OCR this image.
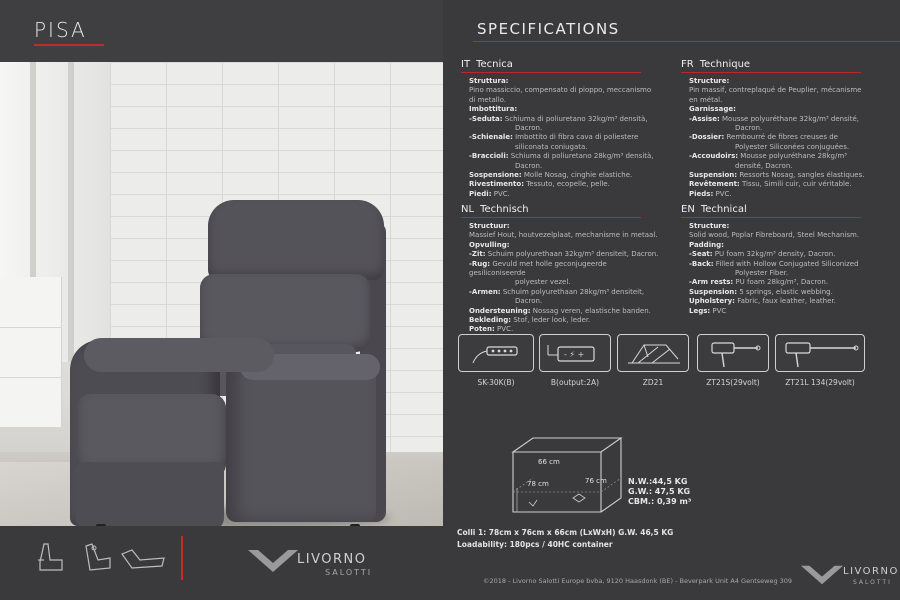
PISA
LIVORNO
SALOTTI
SPECIFICATIONS
IT Tecnica
Struttura:
Pino massiccio, compensato di pioppo, meccanismo
di metallo.
Imbottitura:
-Seduta: Schiuma di poliuretano 32kg/m³ densità,
Dacron.
-Schienale: Imbottito di fibra cava di poliestere
siliconata coniugata.
-Braccioli: Schiuma di poliuretano 28kg/m³ densità,
Dacron.
Sospensione: Molle Nosag, cinghie elastiche.
Rivestimento: Tessuto, ecopelle, pelle.
Piedi: PVC.
FR Technique
Structure:
Pin massif, contreplaqué de Peuplier, mécanisme
en métal.
Garnissage:
-Assise: Mousse polyuréthane 32kg/m³ densité,
Dacron.
-Dossier: Rembourré de fibres creuses de
Polyester Siliconées conjuguées.
-Accoudoirs: Mousse polyuréthane 28kg/m³
densité, Dacron.
Suspension: Ressorts Nosag, sangles élastiques.
Revêtement: Tissu, Simili cuir, cuir véritable.
Pieds: PVC.
NL Technisch
Structuur:
Massief Hout, houtvezelplaat, mechanisme in metaal.
Opvulling:
-Zit: Schuim polyurethaan 32kg/m³ densiteit, Dacron.
-Rug: Gevuld met holle geconjugeerde gesiliconiseerde
polyester vezel.
-Armen: Schuim polyurethaan 28kg/m³ densiteit,
Dacron.
Ondersteuning: Nossag veren, elastische banden.
Bekleding: Stof, leder look, leder.
Poten: PVC.
EN Technical
Structure:
Solid wood, Poplar Fibreboard, Steel Mechanism.
Padding:
-Seat: PU foam 32kg/m³ density, Dacron.
-Back: Filled with Hollow Conjugated Siliconized
Polyester Fiber.
-Arm rests: PU foam 28kg/m³, Dacron.
Suspension: 5 springs, elastic webbing.
Upholstery: Fabric, faux leather, leather.
Legs: PVC
- ⚡ +
SK-30K(B)	B(output:2A)	ZD21	ZT21S(29volt)	ZT21L 134(29volt)
66 cm
78 cm	76 cm	N.W.:44,5 KG
G.W.: 47,5 KG
CBM.: 0,39 m³
Colli 1: 78cm x 76cm x 66cm (LxWxH) G.W. 46,5 KG
Loadability: 180pcs / 40HC container
©2018 - Livorno Salotti Europe bvba, 9120 Haasdonk (BE) - Beverpark Unit A4 Gentseweg 309
LIVORNO
SALOTTI
